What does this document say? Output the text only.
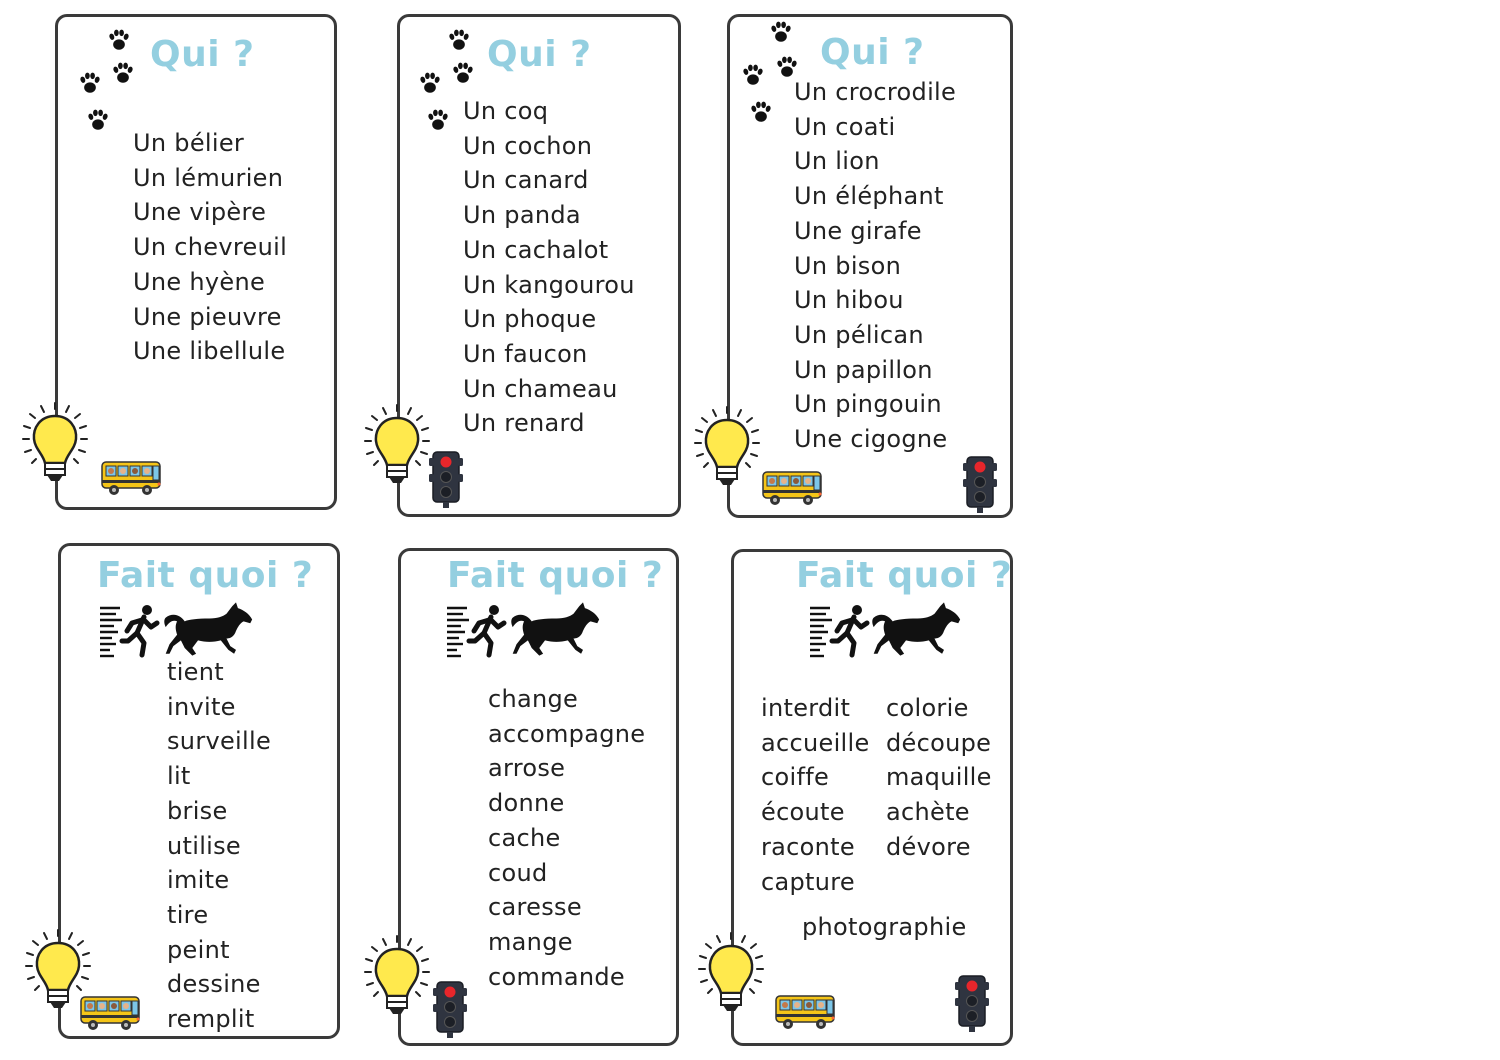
Qui ?
Un bélier
Un lémurien
Une vipère
Un chevreuil
Une hyène
Une pieuvre
Une libellule
Qui ?
Un coq
Un cochon
Un canard
Un panda
Un cachalot
Un kangourou
Un phoque
Un faucon
Un chameau
Un renard
Qui ?
Un crocrodile
Un coati
Un lion
Un éléphant
Une girafe
Un bison
Un hibou
Un pélican
Un papillon
Un pingouin
Une cigogne
Fait quoi ?
tient
invite
surveille
lit
brise
utilise
imite
tire
peint
dessine
remplit
Fait quoi ?
change
accompagne
arrose
donne
cache
coud
caresse
mange
commande
Fait quoi ?
interdit
accueille
coiffe
écoute
raconte
capture
colorie
découpe
maquille
achète
dévore
photographie
